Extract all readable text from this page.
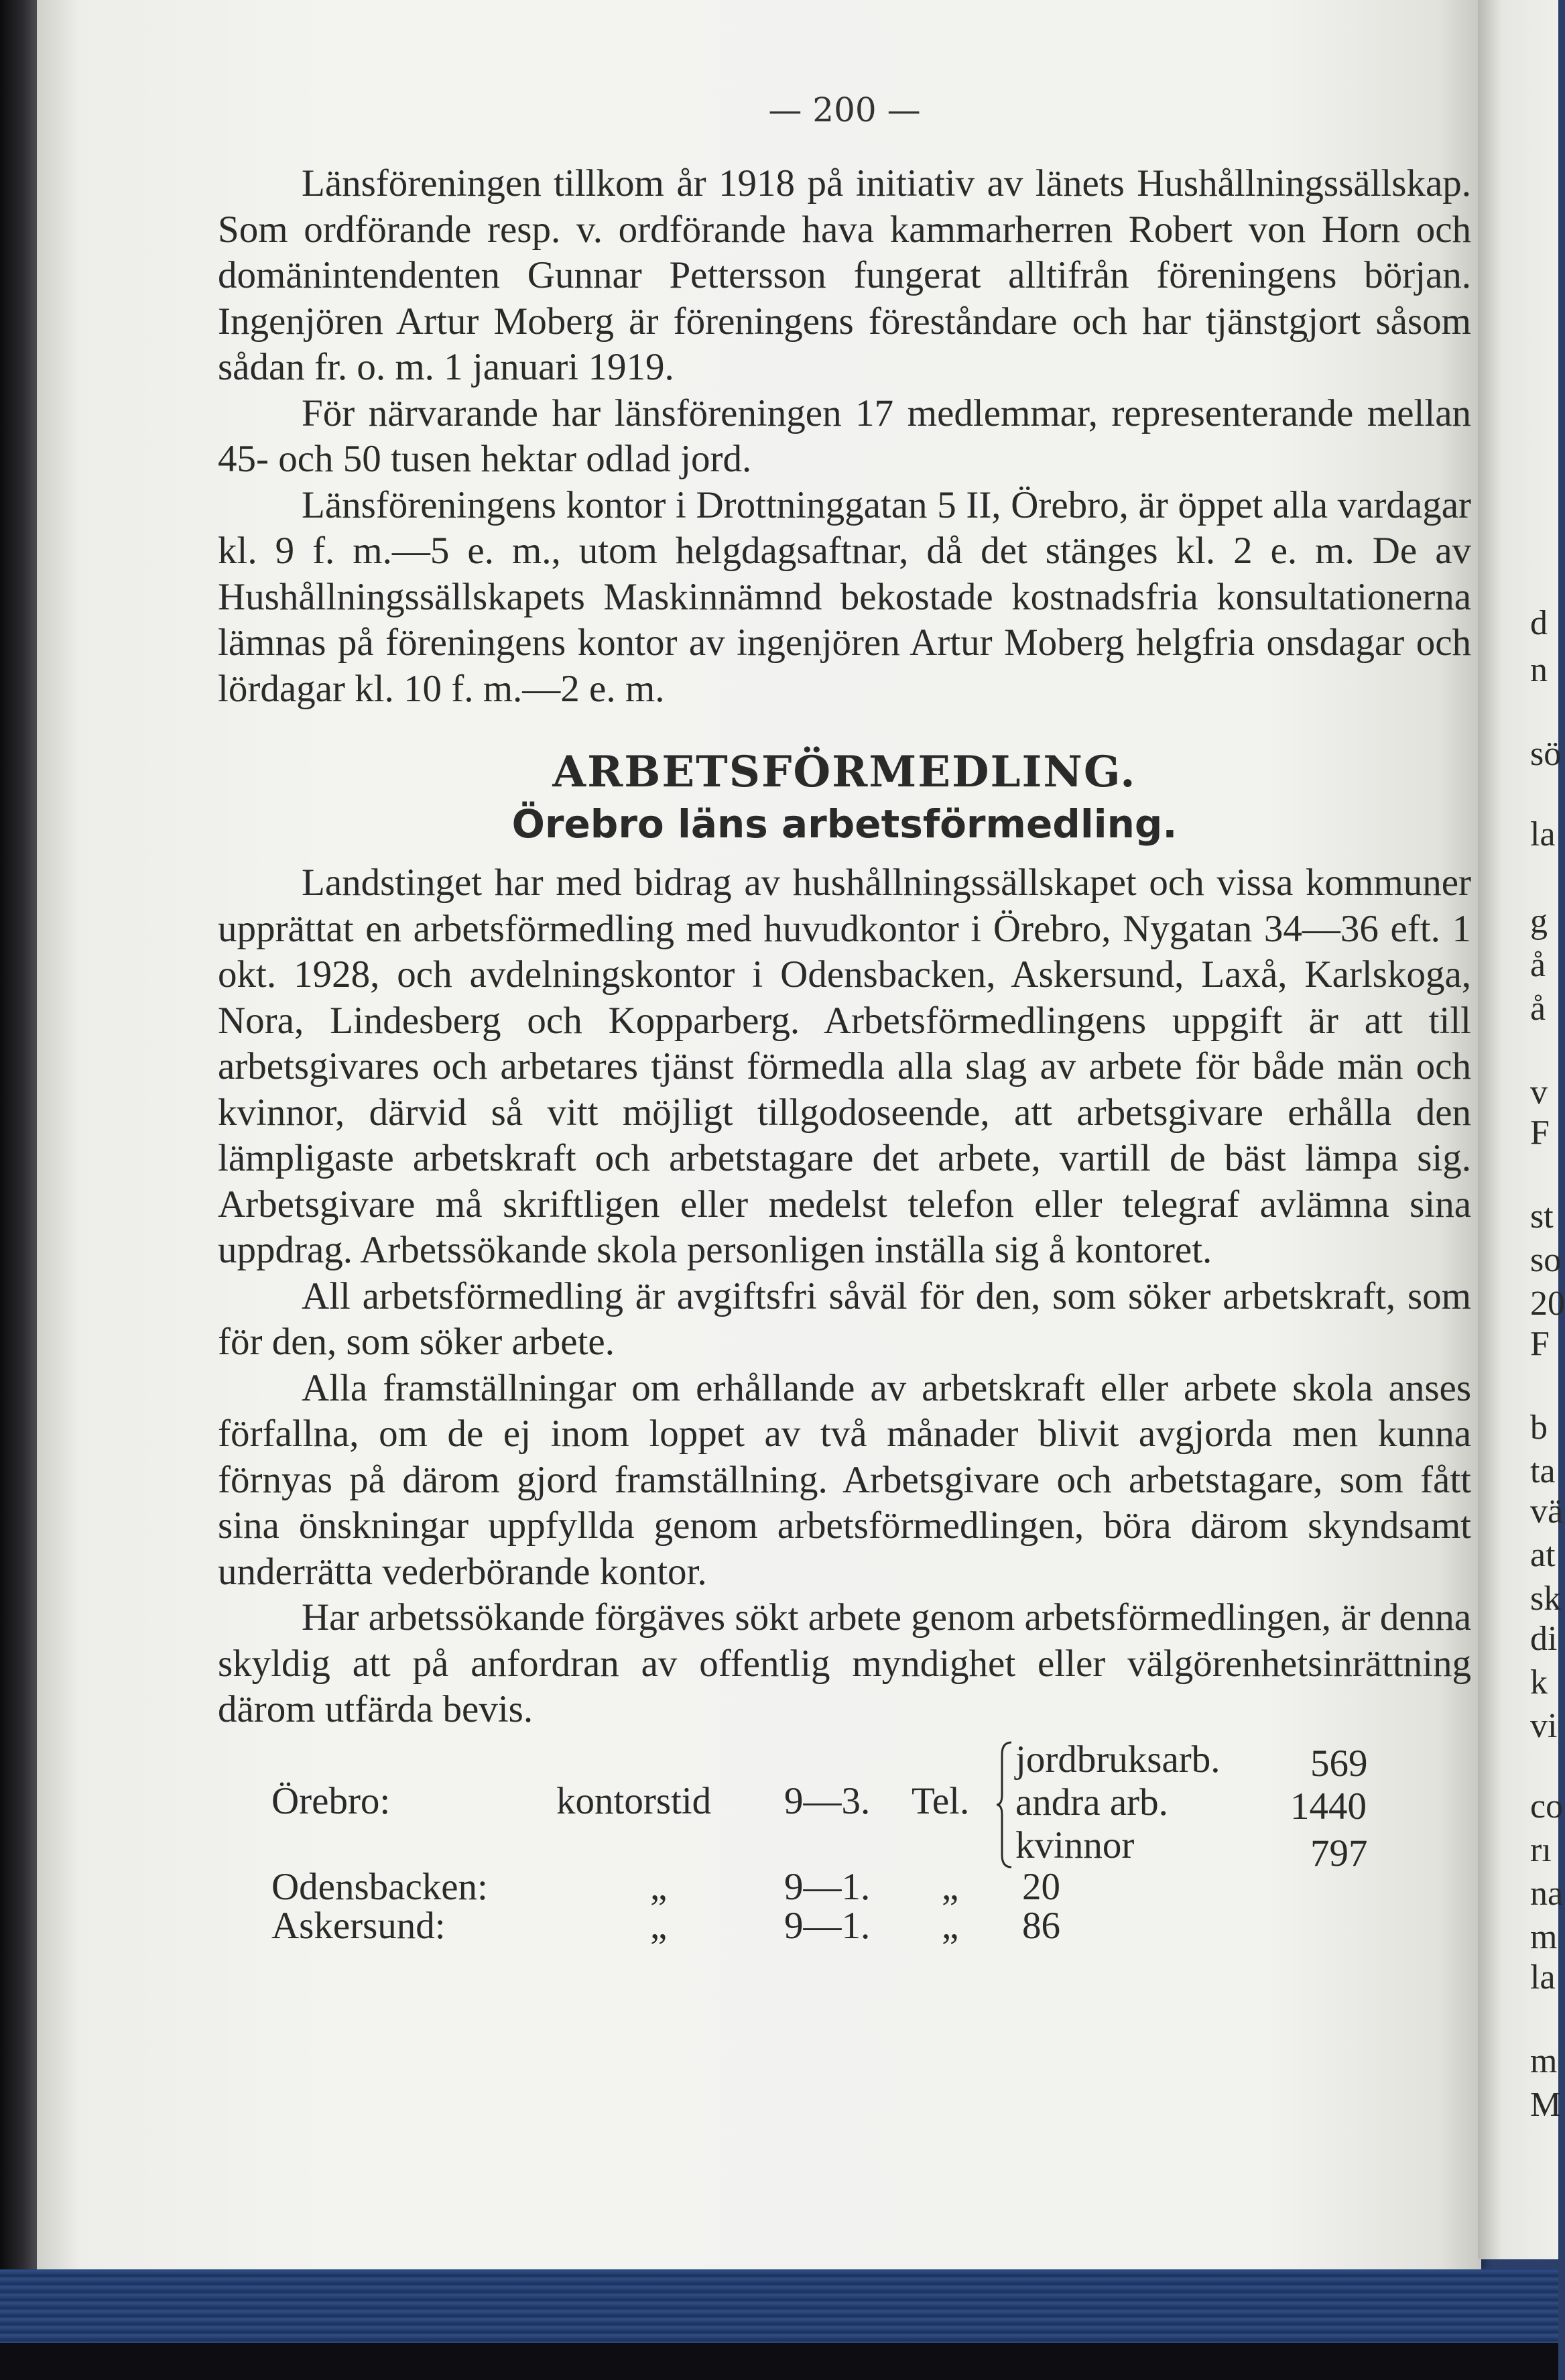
— 200 —

Länsföreningen tillkom år 1918 på initiativ av länets Hushållningssällskap. Som ordförande resp. v. ordförande hava kammarherren Robert von Horn och domänintendenten Gunnar Pettersson fungerat alltifrån föreningens början. Ingenjören Artur Moberg är föreningens föreståndare och har tjänstgjort såsom sådan fr. o. m. 1 januari 1919.

För närvarande har länsföreningen 17 medlemmar, representerande mellan 45- och 50 tusen hektar odlad jord.

Länsföreningens kontor i Drottninggatan 5 II, Örebro, är öppet alla vardagar kl. 9 f. m.—5 e. m., utom helgdagsaftnar, då det stänges kl. 2 e. m. De av Hushållningssällskapets Maskinnämnd bekostade kostnadsfria konsultationerna lämnas på föreningens kontor av ingenjören Artur Moberg helgfria onsdagar och lördagar kl. 10 f. m.—2 e. m.

ARBETSFÖRMEDLING.
Örebro läns arbetsförmedling.

Landstinget har med bidrag av hushållningssällskapet och vissa kommuner upprättat en arbetsförmedling med huvudkontor i Örebro, Nygatan 34—36 eft. 1 okt. 1928, och avdelningskontor i Odensbacken, Askersund, Laxå, Karlskoga, Nora, Lindesberg och Kopparberg. Arbetsförmedlingens uppgift är att till arbetsgivares och arbetares tjänst förmedla alla slag av arbete för både män och kvinnor, därvid så vitt möjligt tillgodoseende, att arbetsgivare erhålla den lämpligaste arbetskraft och arbetstagare det arbete, vartill de bäst lämpa sig. Arbetsgivare må skriftligen eller medelst telefon eller telegraf avlämna sina uppdrag. Arbetssökande skola personligen inställa sig å kontoret.

All arbetsförmedling är avgiftsfri såväl för den, som söker arbetskraft, som för den, som söker arbete.

Alla framställningar om erhållande av arbetskraft eller arbete skola anses förfallna, om de ej inom loppet av två månader blivit avgjorda men kunna förnyas på därom gjord framställning. Arbetsgivare och arbetstagare, som fått sina önskningar uppfyllda genom arbetsförmedlingen, böra därom skyndsamt underrätta vederbörande kontor.

Har arbetssökande förgäves sökt arbete genom arbetsförmedlingen, är denna skyldig att på anfordran av offentlig myndighet eller välgörenhetsinrättning därom utfärda bevis.

Örebro:	kontorstid 9—3. Tel.
jordbruksarb. 569
andra arb.	1440
kvinnor	797
Odensbacken:	„	9—1. „ 20
Askersund:	„	9—1. „ 86
d
n
sö
la
g
å
å
v
F
st
so
20
F
b
ta
vä
at
sk
di
k
vi
co
rı
na
m
la
m
M
